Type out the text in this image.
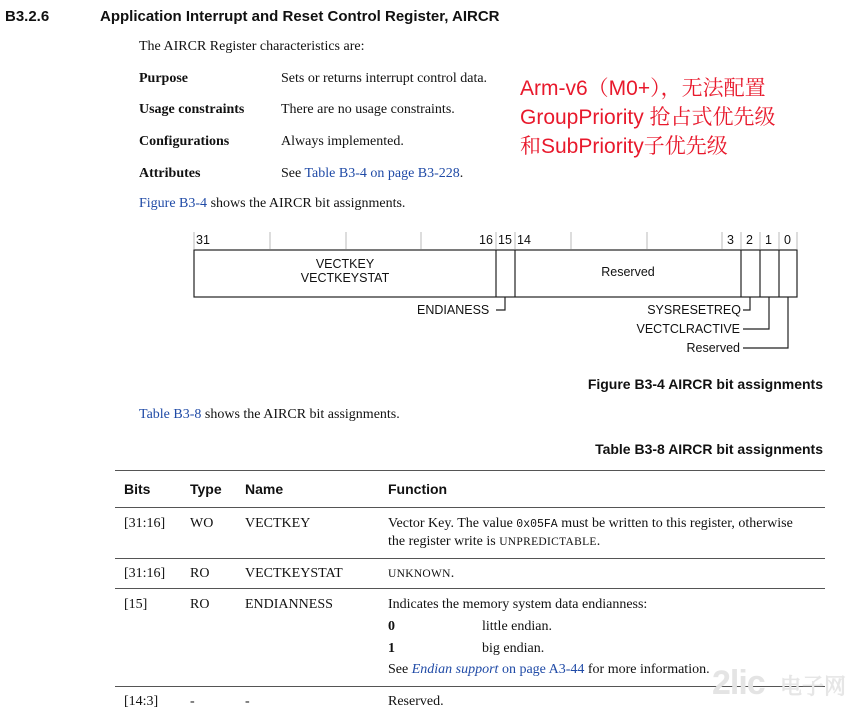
B3.2.6	Application Interrupt and Reset Control Register, AIRCR
The AIRCR Register characteristics are:
Purpose	Sets or returns interrupt control data.
Usage constraints	There are no usage constraints.
Configurations	Always implemented.
Attributes	See Table B3-4 on page B3-228.
Arm-v6（M0+），无法配置
GroupPriority 抢占式优先级
和SubPriority子优先级
Figure B3-4 shows the AIRCR bit assignments.
31	16 15 14	3 2 1 0
VECTKEY
VECTKEYSTAT	Reserved
ENDIANESS	SYSRESETREQ
VECTCLRACTIVE
Reserved
Figure B3-4 AIRCR bit assignments
Table B3-8 shows the AIRCR bit assignments.
Table B3-8 AIRCR bit assignments
Bits	Type Name	Function
[31:16] WO VECTKEY	Vector Key. The value 0x05FA must be written to this register, otherwise
the register write is UNPREDICTABLE.
[31:16] RO	VECTKEYSTAT	UNKNOWN.
[15]	RO	ENDIANNESS	Indicates the memory system data endianness:
0	little endian.
1	big endian.
See Endian support on page A3-44 for more information.
[14:3] -	-	Reserved.	2lic 电子网
